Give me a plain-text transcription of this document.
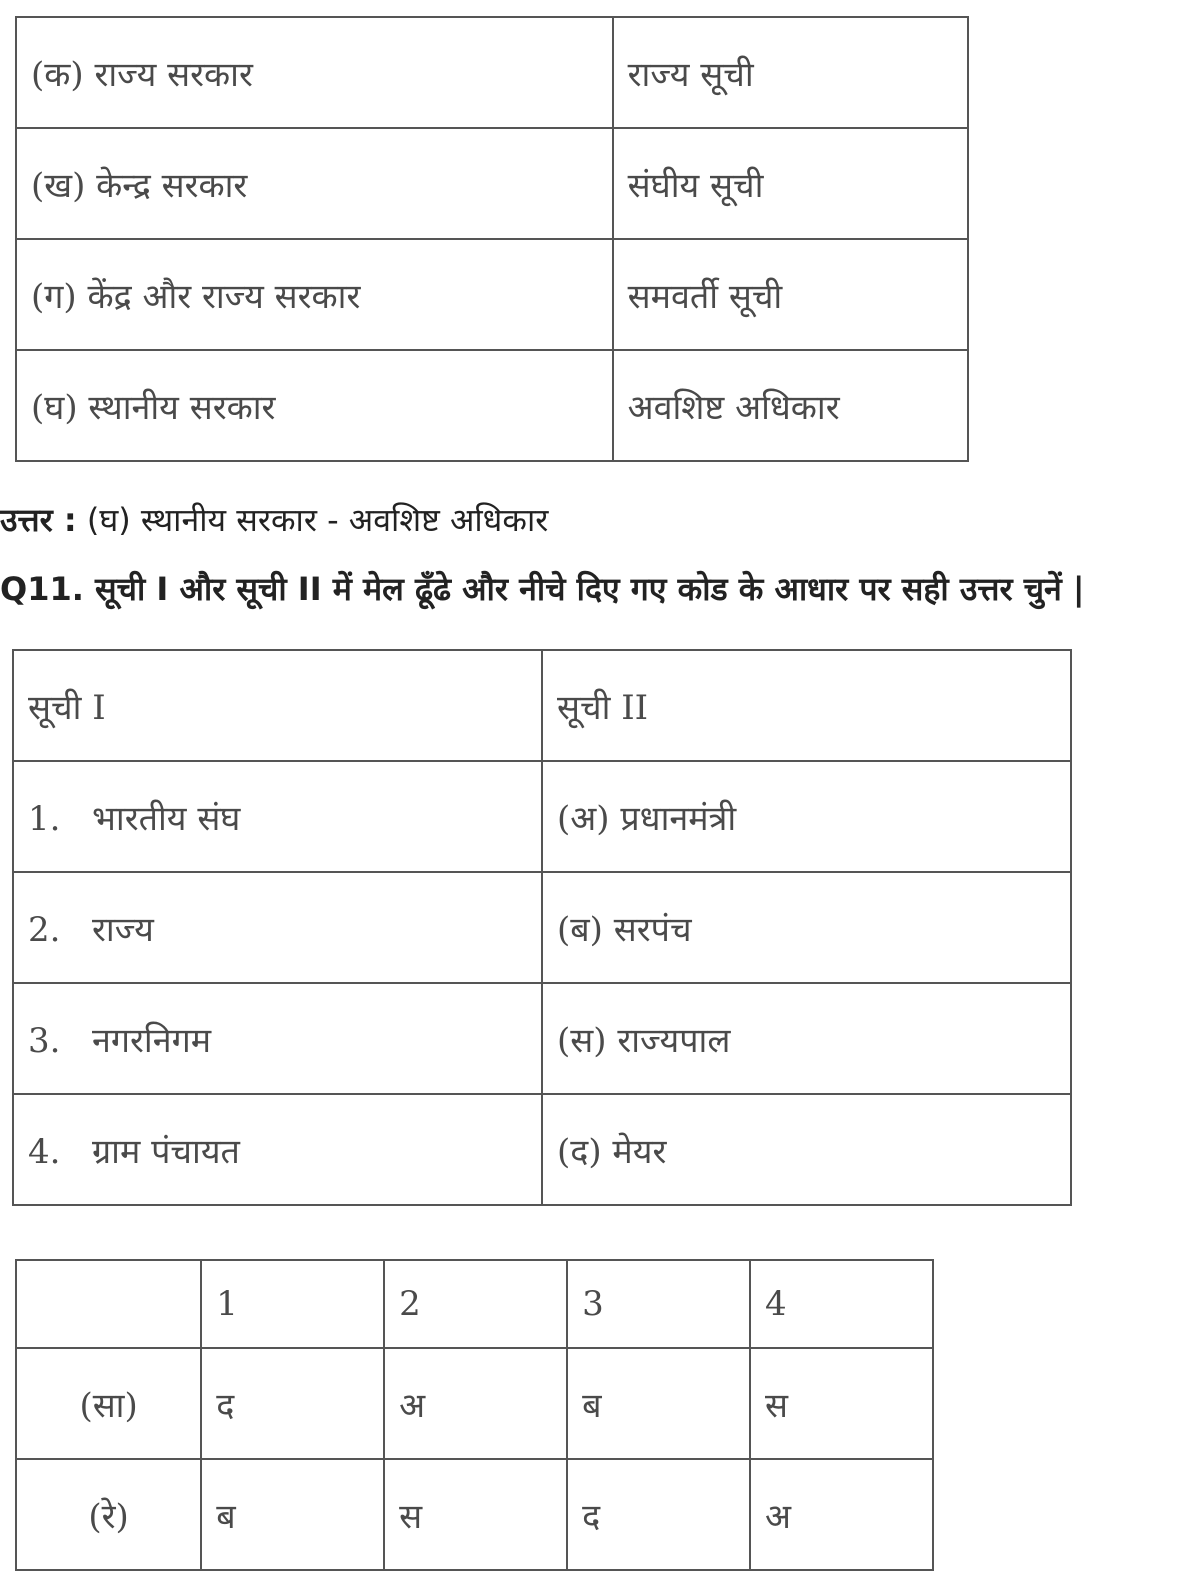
(क) राज्य सरकार	राज्य सूची
(ख) केन्द्र सरकार	संघीय सूची
(ग) केंद्र और राज्य सरकार	समवर्ती सूची
(घ) स्थानीय सरकार	अवशिष्ट अधिकार
उत्तर : (घ) स्थानीय सरकार - अवशिष्ट अधिकार
Q11. सूची I और सूची II में मेल ढूँढे और नीचे दिए गए कोड के आधार पर सही उत्तर चुनें |
सूची I	सूची II
1. भारतीय संघ	(अ) प्रधानमंत्री
2. राज्य	(ब) सरपंच
3. नगरनिगम	(स) राज्यपाल
4. ग्राम पंचायत	(द) मेयर
	1	2	3	4
(सा)	द	अ	ब	स
(रे)	ब	स	द	अ
